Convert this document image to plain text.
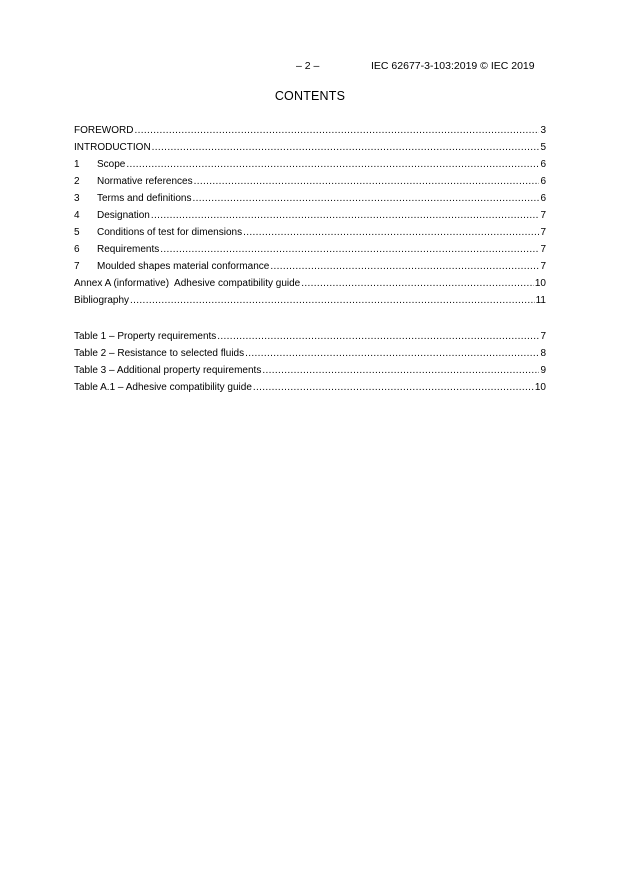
– 2 –	IEC 62677-3-103:2019 © IEC 2019
CONTENTS
FOREWORD .....	3
INTRODUCTION .....	5
1	Scope .....	6
2	Normative references .....	6
3	Terms and definitions .....	6
4	Designation .....	7
5	Conditions of test for dimensions .....	7
6	Requirements .....	7
7	Moulded shapes material conformance .....	7
Annex A (informative)  Adhesive compatibility guide .....	10
Bibliography .....	11
Table 1 – Property requirements .....	7
Table 2 – Resistance to selected fluids .....	8
Table 3 – Additional property requirements .....	9
Table A.1 – Adhesive compatibility guide .....	10
